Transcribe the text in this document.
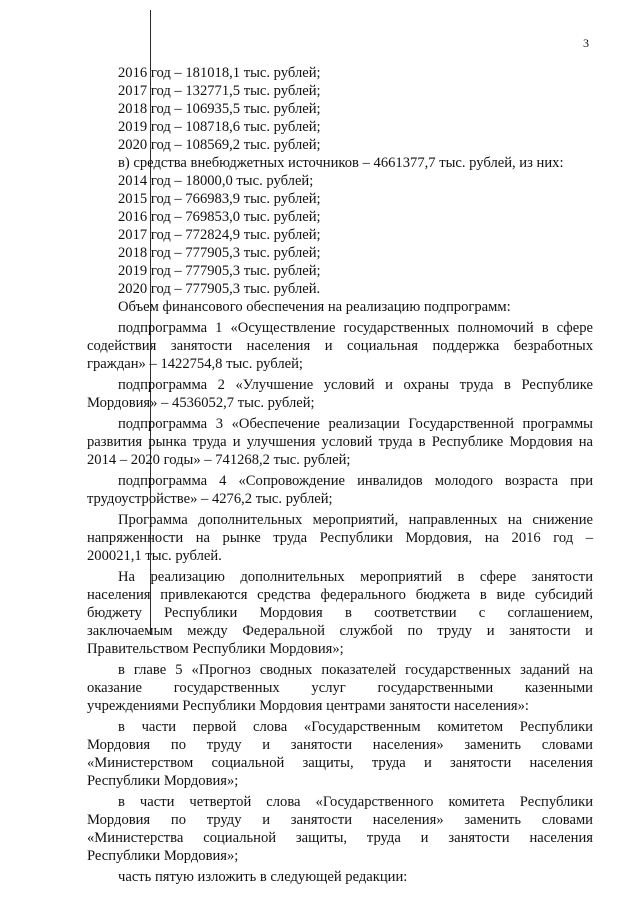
3
2016 год – 181018,1 тыс. рублей;
2017 год – 132771,5 тыс. рублей;
2018 год – 106935,5 тыс. рублей;
2019 год – 108718,6 тыс. рублей;
2020 год – 108569,2 тыс. рублей;
в) средства внебюджетных источников – 4661377,7 тыс. рублей, из них:
2014 год – 18000,0 тыс. рублей;
2015 год – 766983,9 тыс. рублей;
2016 год – 769853,0 тыс. рублей;
2017 год – 772824,9 тыс. рублей;
2018 год – 777905,3 тыс. рублей;
2019 год – 777905,3 тыс. рублей;
2020 год – 777905,3 тыс. рублей.
Объем финансового обеспечения на реализацию подпрограмм:
подпрограмма 1 «Осуществление государственных полномочий в сфере
содействия занятости населения и социальная поддержка безработных
граждан» – 1422754,8 тыс. рублей;
подпрограмма 2 «Улучшение условий и охраны труда в Республике
Мордовия» – 4536052,7 тыс. рублей;
подпрограмма 3 «Обеспечение реализации Государственной программы
развития рынка труда и улучшения условий труда в Республике Мордовия на
2014 – 2020 годы» – 741268,2 тыс. рублей;
подпрограмма 4 «Сопровождение инвалидов молодого возраста при
трудоустройстве» – 4276,2 тыс. рублей;
Программа дополнительных мероприятий, направленных на снижение
напряженности на рынке труда Республики Мордовия, на 2016 год –
200021,1 тыс. рублей.
На реализацию дополнительных мероприятий в сфере занятости
населения привлекаются средства федерального бюджета в виде субсидий
бюджету Республики Мордовия в соответствии с соглашением,
заключаемым между Федеральной службой по труду и занятости и
Правительством Республики Мордовия»;
в главе 5 «Прогноз сводных показателей государственных заданий на
оказание государственных услуг государственными казенными
учреждениями Республики Мордовия центрами занятости населения»:
в части первой слова «Государственным комитетом Республики
Мордовия по труду и занятости населения» заменить словами
«Министерством социальной защиты, труда и занятости населения
Республики Мордовия»;
в части четвертой слова «Государственного комитета Республики
Мордовия по труду и занятости населения» заменить словами
«Министерства социальной защиты, труда и занятости населения
Республики Мордовия»;
часть пятую изложить в следующей редакции:
